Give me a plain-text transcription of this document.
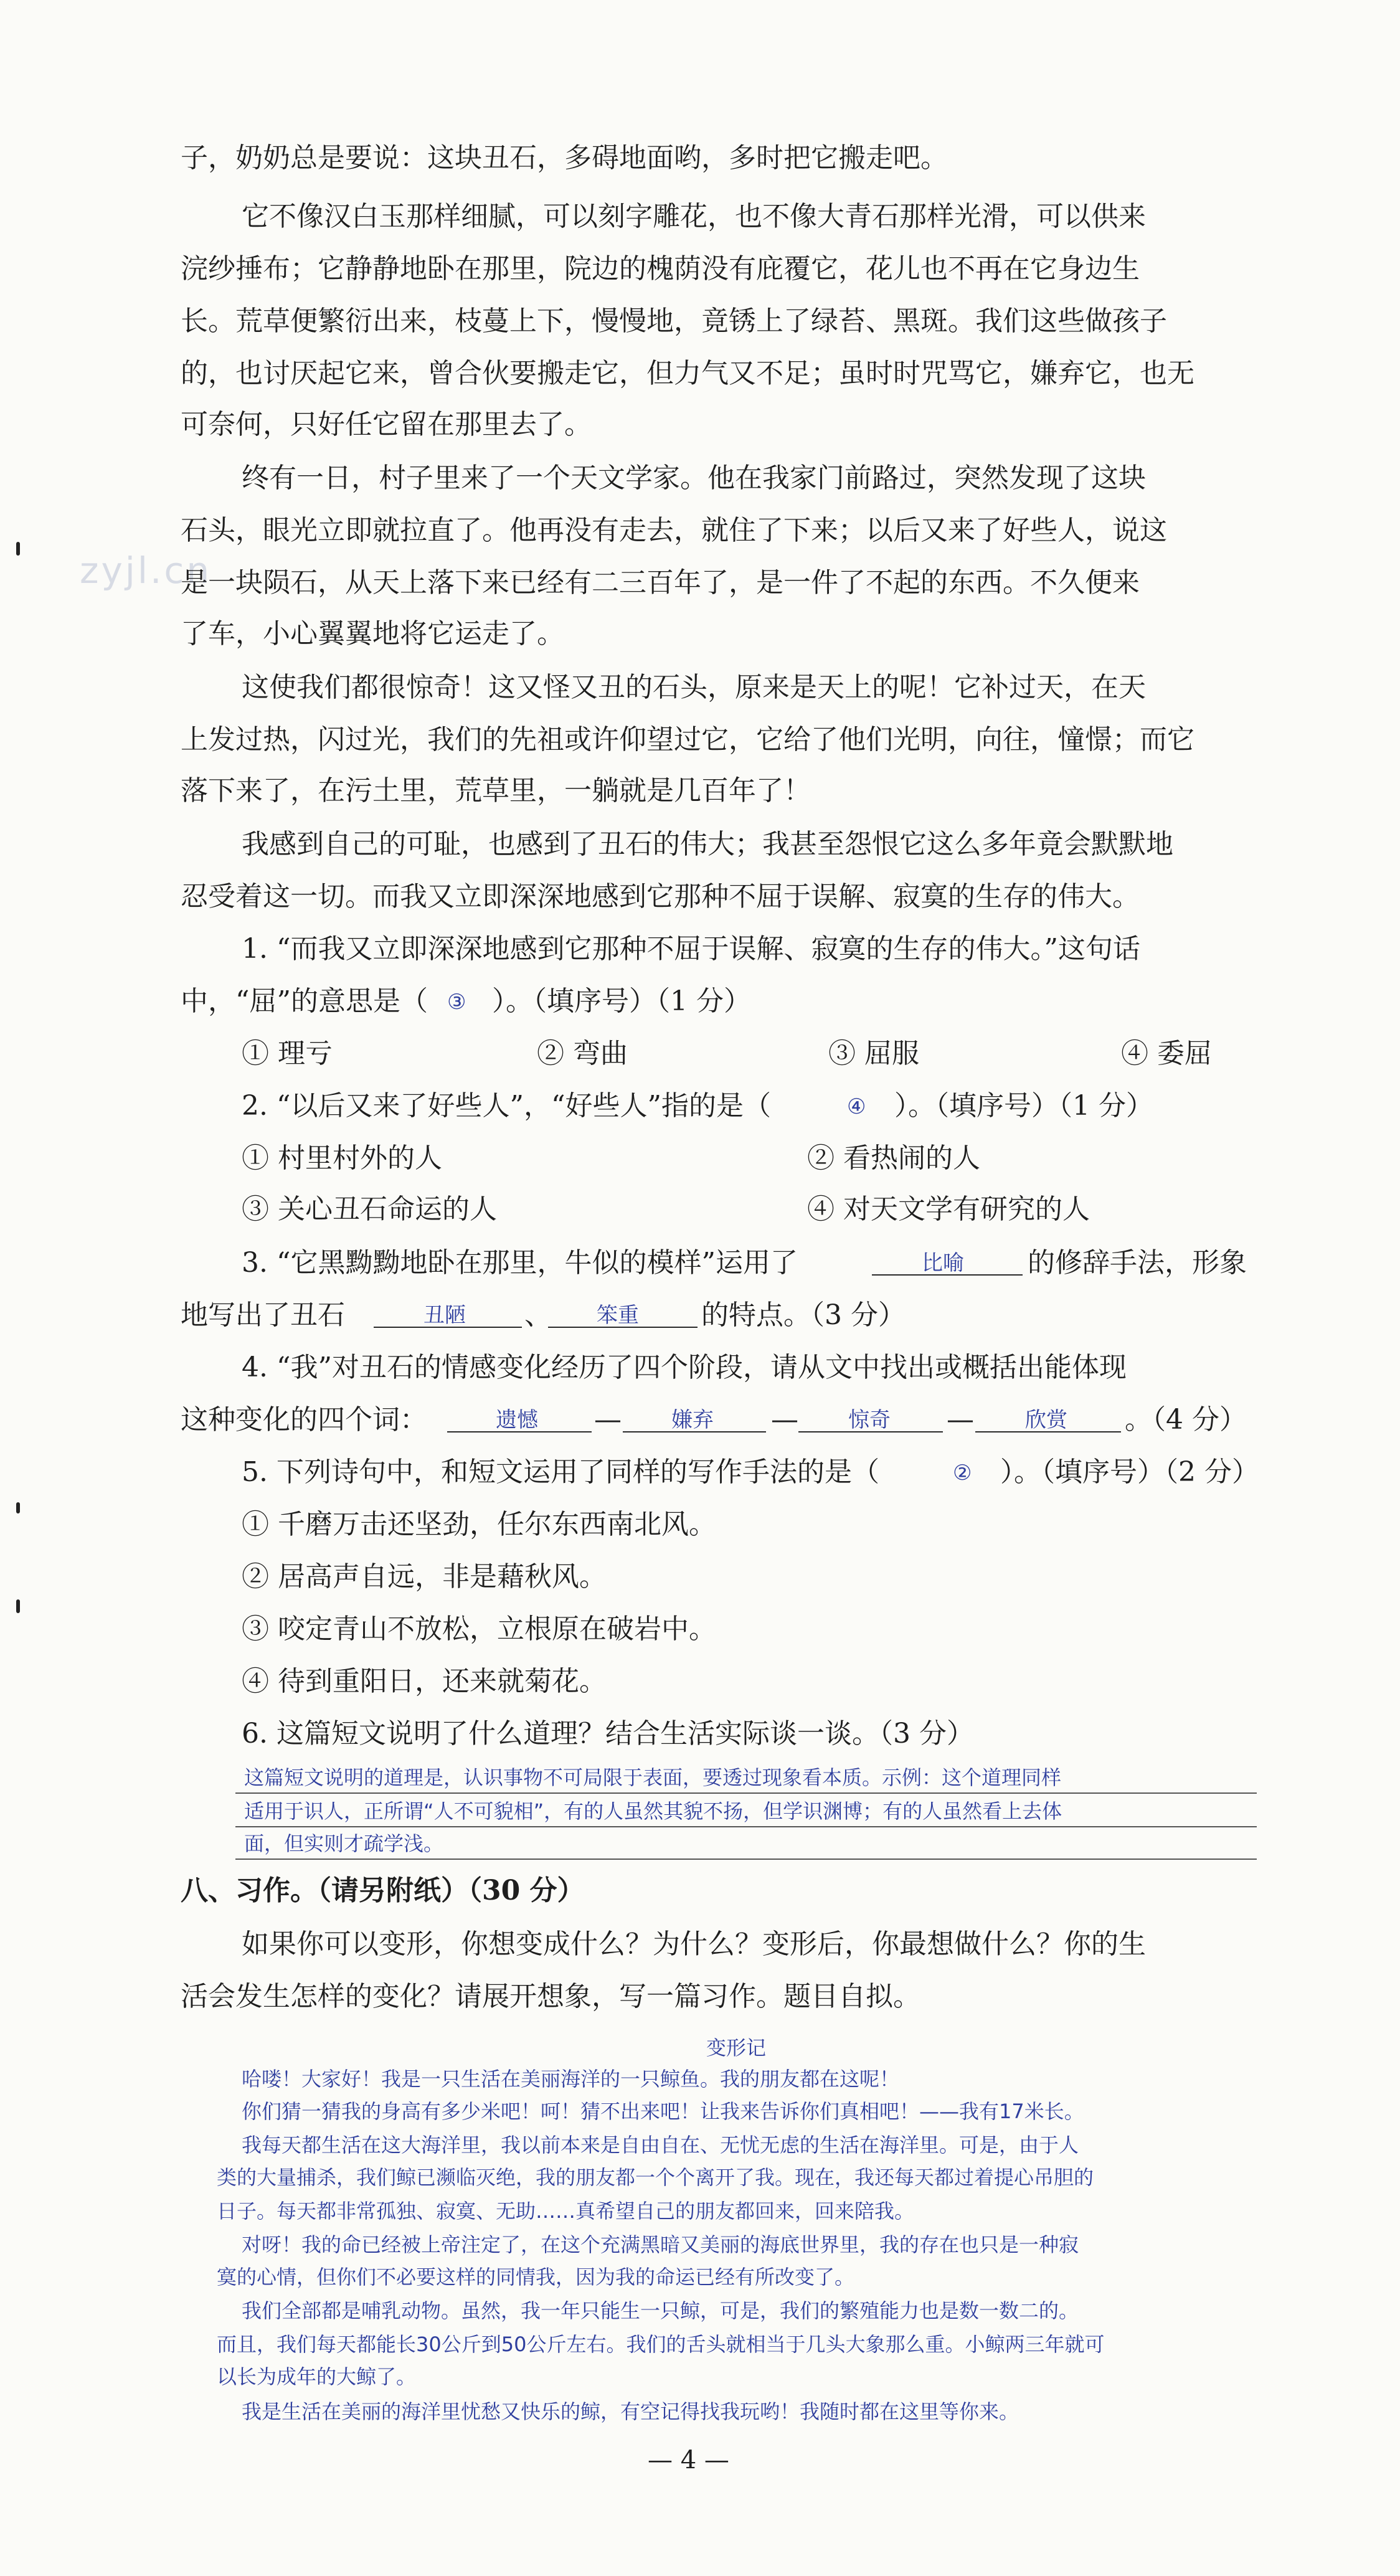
zyjl.cn
子，奶奶总是要说：这块丑石，多碍地面哟，多时把它搬走吧。
它不像汉白玉那样细腻，可以刻字雕花，也不像大青石那样光滑，可以供来
浣纱捶布；它静静地卧在那里，院边的槐荫没有庇覆它，花儿也不再在它身边生
长。荒草便繁衍出来，枝蔓上下，慢慢地，竟锈上了绿苔、黑斑。我们这些做孩子
的，也讨厌起它来，曾合伙要搬走它，但力气又不足；虽时时咒骂它，嫌弃它，也无
可奈何，只好任它留在那里去了。
终有一日，村子里来了一个天文学家。他在我家门前路过，突然发现了这块
石头，眼光立即就拉直了。他再没有走去，就住了下来；以后又来了好些人，说这
是一块陨石，从天上落下来已经有二三百年了，是一件了不起的东西。不久便来
了车，小心翼翼地将它运走了。
这使我们都很惊奇！这又怪又丑的石头，原来是天上的呢！它补过天，在天
上发过热，闪过光，我们的先祖或许仰望过它，它给了他们光明，向往，憧憬；而它
落下来了，在污土里，荒草里，一躺就是几百年了！
我感到自己的可耻，也感到了丑石的伟大；我甚至怨恨它这么多年竟会默默地
忍受着这一切。而我又立即深深地感到它那种不屈于误解、寂寞的生存的伟大。
1. “而我又立即深深地感到它那种不屈于误解、寂寞的生存的伟大。”这句话
中，“屈”的意思是（ ③ ）。（填序号）（1 分）
① 理亏	② 弯曲	③ 屈服	④ 委屈
2. “以后又来了好些人”，“好些人”指的是（	④ ）。（填序号）（1 分）
① 村里村外的人	② 看热闹的人
③ 关心丑石命运的人	④ 对天文学有研究的人
3. “它黑黝黝地卧在那里，牛似的模样”运用了	比喻 的修辞手法，形象
地写出了丑石	丑陋 、 笨重 的特点。（3 分）
4. “我”对丑石的情感变化经历了四个阶段，请从文中找出或概括出能体现
这种变化的四个词：	遗憾 — 嫌弃 — 惊奇 — 欣赏 。（4 分）
5. 下列诗句中，和短文运用了同样的写作手法的是（	② ）。（填序号）（2 分）
① 千磨万击还坚劲，任尔东西南北风。
② 居高声自远，非是藉秋风。
③ 咬定青山不放松，立根原在破岩中。
④ 待到重阳日，还来就菊花。
6. 这篇短文说明了什么道理？结合生活实际谈一谈。（3 分）
这篇短文说明的道理是，认识事物不可局限于表面，要透过现象看本质。示例：这个道理同样
适用于识人，正所谓“人不可貌相”，有的人虽然其貌不扬，但学识渊博；有的人虽然看上去体
面，但实则才疏学浅。
八、习作。（请另附纸）（30 分）
如果你可以变形，你想变成什么？为什么？变形后，你最想做什么？你的生
活会发生怎样的变化？请展开想象，写一篇习作。题目自拟。
变形记
哈喽！大家好！我是一只生活在美丽海洋的一只鲸鱼。我的朋友都在这呢！
你们猜一猜我的身高有多少米吧！呵！猜不出来吧！让我来告诉你们真相吧！——我有17米长。
我每天都生活在这大海洋里，我以前本来是自由自在、无忧无虑的生活在海洋里。可是，由于人
类的大量捕杀，我们鲸已濒临灭绝，我的朋友都一个个离开了我。现在，我还每天都过着提心吊胆的
日子。每天都非常孤独、寂寞、无助……真希望自己的朋友都回来，回来陪我。
对呀！我的命已经被上帝注定了，在这个充满黑暗又美丽的海底世界里，我的存在也只是一种寂
寞的心情，但你们不必要这样的同情我，因为我的命运已经有所改变了。
我们全部都是哺乳动物。虽然，我一年只能生一只鲸，可是，我们的繁殖能力也是数一数二的。
而且，我们每天都能长30公斤到50公斤左右。我们的舌头就相当于几头大象那么重。小鲸两三年就可
以长为成年的大鲸了。
我是生活在美丽的海洋里忧愁又快乐的鲸，有空记得找我玩哟！我随时都在这里等你来。
— 4 —
